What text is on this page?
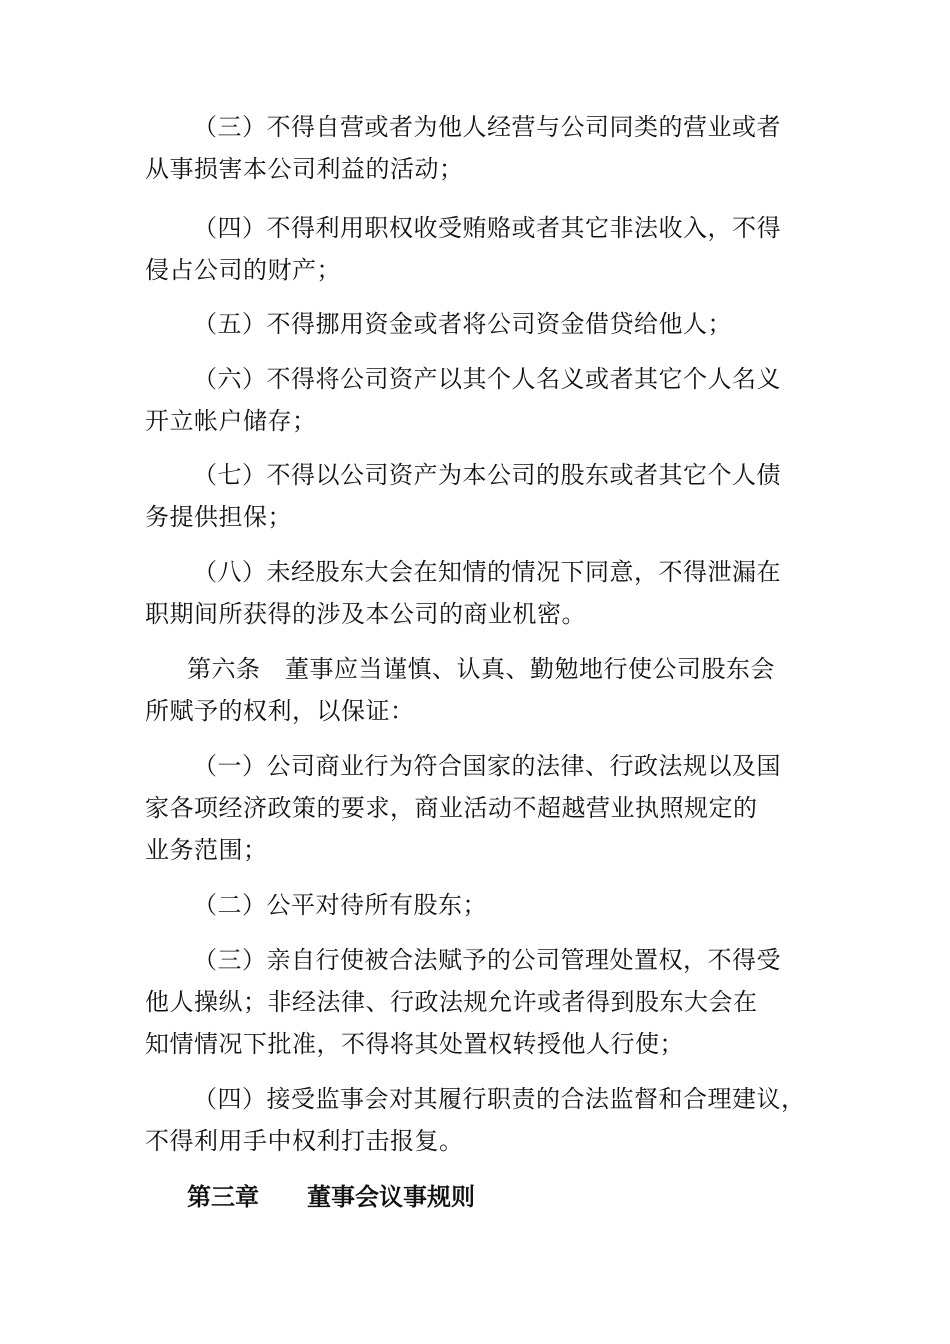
（三）不得自营或者为他人经营与公司同类的营业或者
从事损害本公司利益的活动；
（四）不得利用职权收受贿赂或者其它非法收入，不得
侵占公司的财产；
（五）不得挪用资金或者将公司资金借贷给他人；
（六）不得将公司资产以其个人名义或者其它个人名义
开立帐户储存；
（七）不得以公司资产为本公司的股东或者其它个人债
务提供担保；
（八）未经股东大会在知情的情况下同意，不得泄漏在
职期间所获得的涉及本公司的商业机密。
第六条　董事应当谨慎、认真、勤勉地行使公司股东会
所赋予的权利，以保证：
（一）公司商业行为符合国家的法律、行政法规以及国
家各项经济政策的要求，商业活动不超越营业执照规定的
业务范围；
（二）公平对待所有股东；
（三）亲自行使被合法赋予的公司管理处置权，不得受
他人操纵；非经法律、行政法规允许或者得到股东大会在
知情情况下批准，不得将其处置权转授他人行使；
（四）接受监事会对其履行职责的合法监督和合理建议，
不得利用手中权利打击报复。
第三章 董事会议事规则
